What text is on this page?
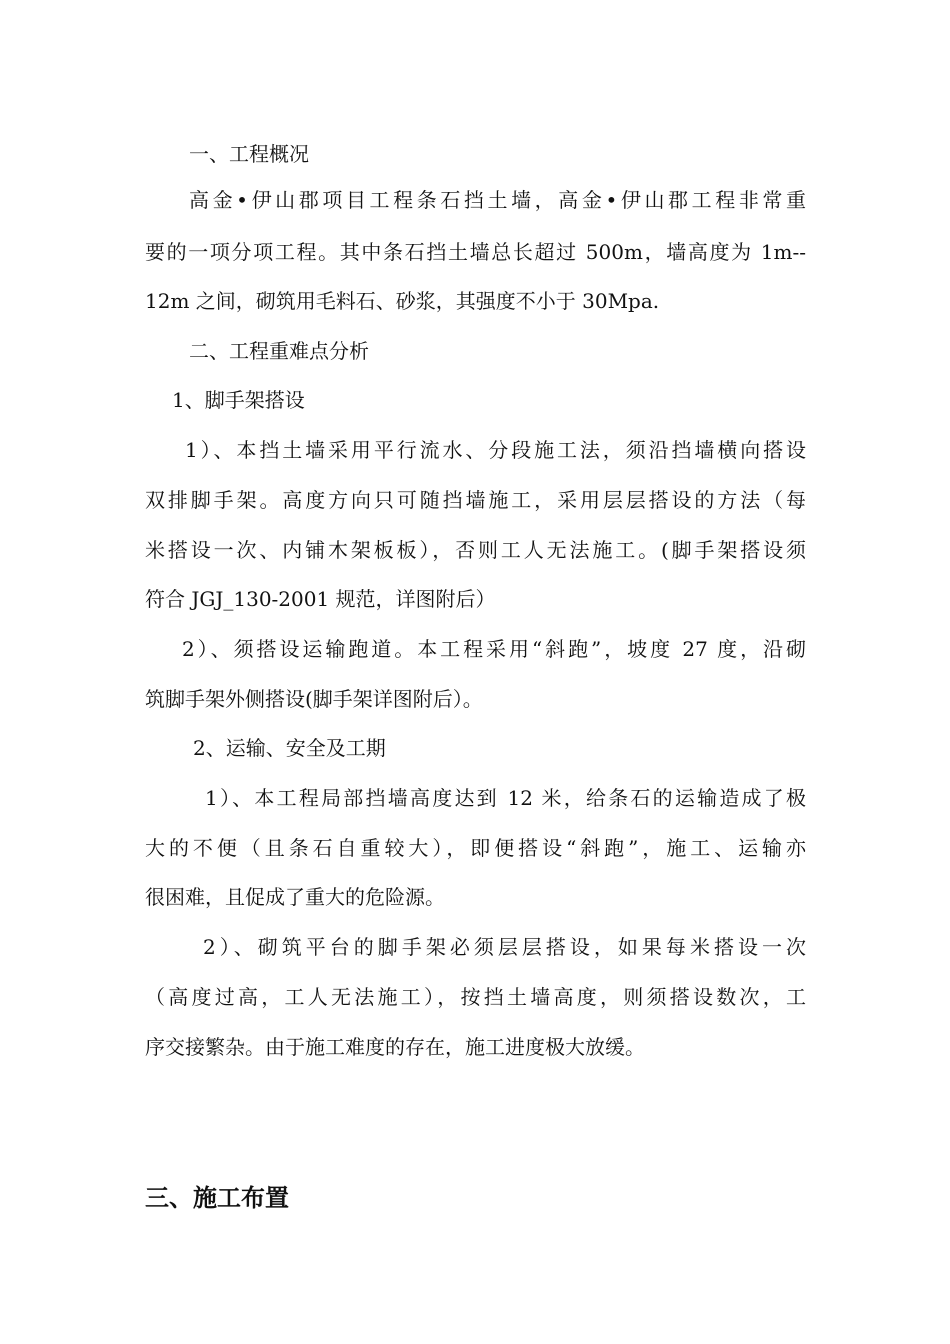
一、工程概况
高金•伊山郡项目工程条石挡土墙，高金•伊山郡工程非常重
要的一项分项工程。其中条石挡土墙总长超过 500m，墙高度为 1m--
12m 之间，砌筑用毛料石、砂浆，其强度不小于 30Mpa.
二、工程重难点分析
1、脚手架搭设
1）、本挡土墙采用平行流水、分段施工法，须沿挡墙横向搭设
双排脚手架。高度方向只可随挡墙施工，采用层层搭设的方法（每
米搭设一次、内铺木架板板），否则工人无法施工。(脚手架搭设须
符合 JGJ_130-2001 规范，详图附后）
2）、须搭设运输跑道。本工程采用“斜跑”，坡度 27 度，沿砌
筑脚手架外侧搭设(脚手架详图附后）。
2、运输、安全及工期
1）、本工程局部挡墙高度达到 12 米，给条石的运输造成了极
大的不便（且条石自重较大），即便搭设“斜跑”，施工、运输亦
很困难，且促成了重大的危险源。
2）、砌筑平台的脚手架必须层层搭设，如果每米搭设一次
（高度过高，工人无法施工），按挡土墙高度，则须搭设数次，工
序交接繁杂。由于施工难度的存在，施工进度极大放缓。
三、施工布置
